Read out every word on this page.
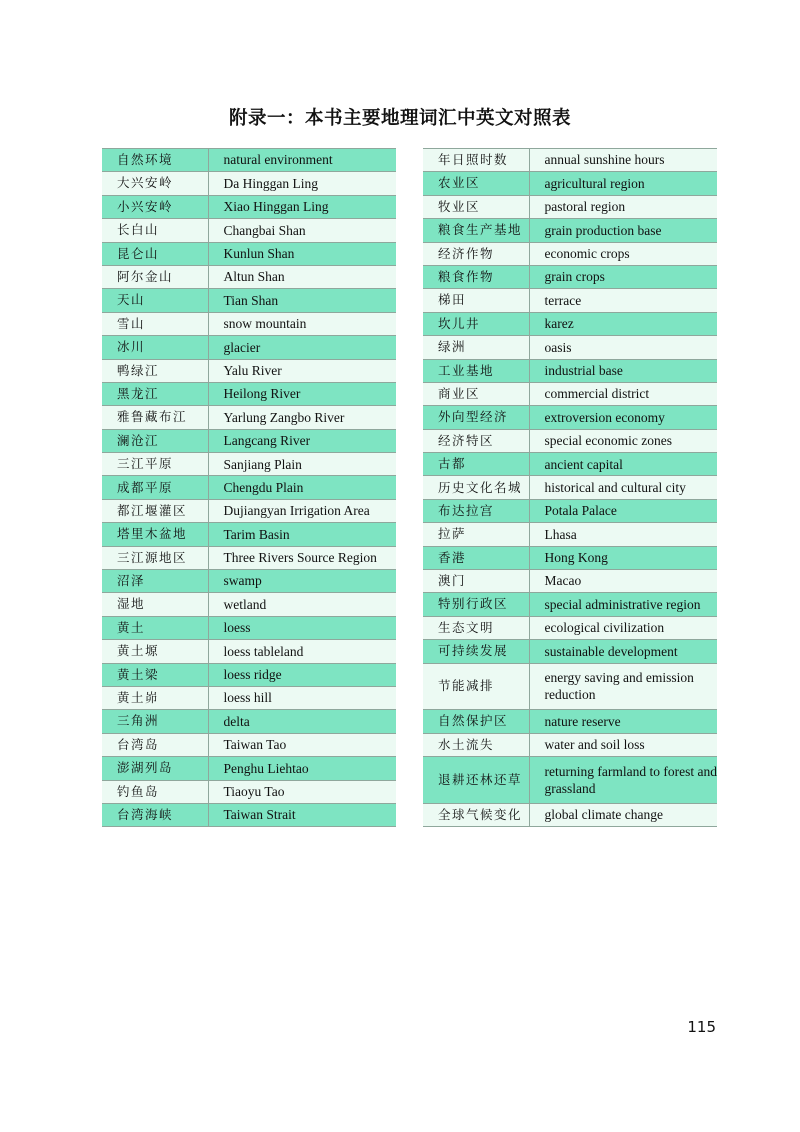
附录一：本书主要地理词汇中英文对照表
自然环境	natural environment
大兴安岭	Da Hinggan Ling
小兴安岭	Xiao Hinggan Ling
长白山	Changbai Shan
昆仑山	Kunlun Shan
阿尔金山	Altun Shan
天山	Tian Shan
雪山	snow mountain
冰川	glacier
鸭绿江	Yalu River
黑龙江	Heilong River
雅鲁藏布江	Yarlung Zangbo River
澜沧江	Langcang River
三江平原	Sanjiang Plain
成都平原	Chengdu Plain
都江堰灌区	Dujiangyan Irrigation Area
塔里木盆地	Tarim Basin
三江源地区	Three Rivers Source Region
沼泽	swamp
湿地	wetland
黄土	loess
黄土塬	loess tableland
黄土梁	loess ridge
黄土峁	loess hill
三角洲	delta
台湾岛	Taiwan Tao
澎湖列岛	Penghu Liehtao
钓鱼岛	Tiaoyu Tao
台湾海峡	Taiwan Strait
年日照时数	annual sunshine hours
农业区	agricultural region
牧业区	pastoral region
粮食生产基地	grain production base
经济作物	economic crops
粮食作物	grain crops
梯田	terrace
坎儿井	karez
绿洲	oasis
工业基地	industrial base
商业区	commercial district
外向型经济	extroversion economy
经济特区	special economic zones
古都	ancient capital
历史文化名城	historical and cultural city
布达拉宫	Potala Palace
拉萨	Lhasa
香港	Hong Kong
澳门	Macao
特别行政区	special administrative region
生态文明	ecological civilization
可持续发展	sustainable development
节能减排	energy saving and emission reduction
自然保护区	nature reserve
水土流失	water and soil loss
退耕还林还草	returning farmland to forest and grassland
全球气候变化	global climate change
115
